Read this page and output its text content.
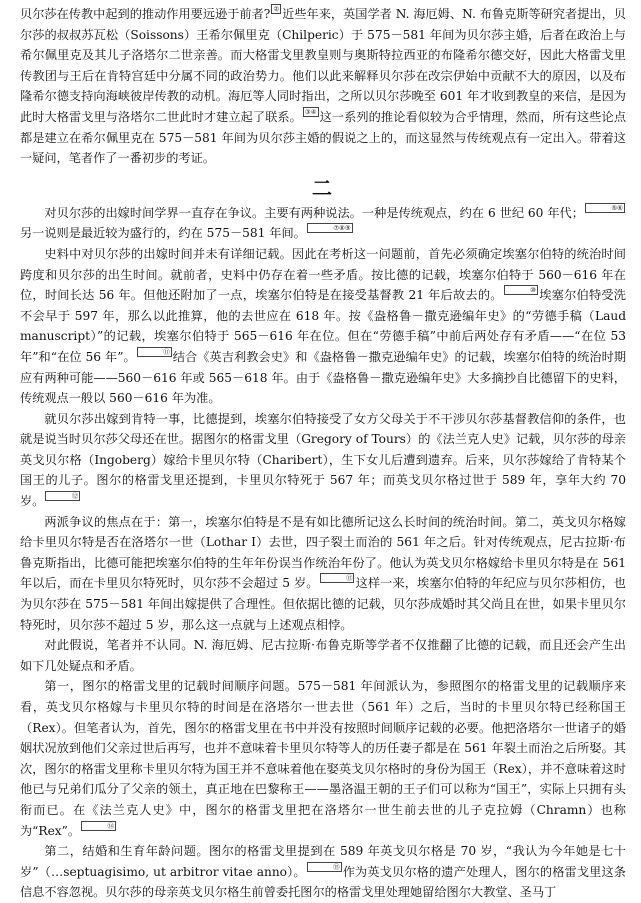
贝尔莎在传教中起到的推动作用要远逊于前者? ② 近些年来，英国学者 N. 海厄姆、N. 布鲁克斯等研究者提出，贝尔莎的叔叔苏瓦松（Soissons）王希尔佩里克（Chilperic）于 575－581 年间为贝尔莎主婚，后者在政治上与希尔佩里克及其儿子洛塔尔二世亲善。而大格雷戈里教皇则与奥斯特拉西亚的布隆希尔德交好，因此大格雷戈里传教团与王后在肯特宫廷中分属不同的政治势力。他们以此来解释贝尔莎在改宗伊始中贡献不大的原因，以及布隆希尔德支持向海峡彼岸传教的动机。海厄等人同时指出，之所以贝尔莎晚至 601 年才收到教皇的来信，是因为此时大格雷戈里与洛塔尔二世此时才建立起了联系。 ③④ 这一系列的推论看似较为合乎情理，然而，所有这些论点都是建立在希尔佩里克在 575－581 年间为贝尔莎主婚的假说之上的，而这显然与传统观点有一定出入。带着这一疑问，笔者作了一番初步的考证。

二

对贝尔莎的出嫁时间学界一直存在争议。主要有两种说法。一种是传统观点，约在 6 世纪 60 年代；	⑤⑥另一说则是最近较为盛行的，约在 575－581 年间。	⑦⑧⑨

史料中对贝尔莎的出嫁时间并未有详细记载。因此在考析这一问题前，首先必须确定埃塞尔伯特的统治时间跨度和贝尔莎的出生时间。就前者，史料中仍存在着一些矛盾。按比德的记载，埃塞尔伯特于 560－616 年在位，时间长达 56 年。但他还附加了一点，埃塞尔伯特是在接受基督教 21 年后故去的。	⑩ 埃塞尔伯特受洗不会早于 597 年，那么以此推算，他的去世应在 618 年。按《盎格鲁－撒克逊编年史》的“劳德手稿（Laud manuscript）”的记载，埃塞尔伯特于 565－616 年在位。但在“劳德手稿”中前后两处存有矛盾——“在位 53 年”和“在位 56 年”。	⑪ 结合《英吉利教会史》和《盎格鲁－撒克逊编年史》的记载，埃塞尔伯特的统治时期应有两种可能——560－616 年或 565－618 年。由于《盎格鲁－撒克逊编年史》大多摘抄自比德留下的史料，传统观点一般以 560－616 年为准。

就贝尔莎出嫁到肯特一事，比德提到，埃塞尔伯特接受了女方父母关于不干涉贝尔莎基督教信仰的条件，也就是说当时贝尔莎父母还在世。据图尔的格雷戈里（Gregory of Tours）的《法兰克人史》记载，贝尔莎的母亲英戈贝尔格（Ingoberg）嫁给卡里贝尔特（Charibert），生下女儿后遭到遗弃。后来，贝尔莎嫁给了肯特某个国王的儿子。图尔的格雷戈里还提到，卡里贝尔特死于 567 年；而英戈贝尔格过世于 589 年，享年大约 70 岁。	⑫

两派争议的焦点在于：第一，埃塞尔伯特是不是有如比德所记这么长时间的统治时间。第二，英戈贝尔格嫁给卡里贝尔特是否在洛塔尔一世（Lothar I）去世，四子裂土而治的 561 年之后。针对传统观点，尼古拉斯·布鲁克斯指出，比德可能把埃塞尔伯特的生年年份误当作统治年份了。他认为英戈贝尔格嫁给卡里贝尔特是在 561 年以后，而在卡里贝尔特死时，贝尔莎不会超过 5 岁。	⑬ 这样一来，埃塞尔伯特的年纪应与贝尔莎相仿，也为贝尔莎在 575－581 年间出嫁提供了合理性。但依据比德的记载，贝尔莎成婚时其父尚且在世，如果卡里贝尔特死时，贝尔莎不超过 5 岁，那么这一点就与上述观点相悖。

对此假说，笔者并不认同。N. 海厄姆、尼古拉斯·布鲁克斯等学者不仅推翻了比德的记载，而且还会产生出如下几处疑点和矛盾。

第一，图尔的格雷戈里的记载时间顺序问题。575－581 年间派认为，参照图尔的格雷戈里的记载顺序来看，英戈贝尔格嫁与卡里贝尔特的时间是在洛塔尔一世去世（561 年）之后，当时的卡里贝尔特已经称国王（Rex）。但笔者认为，首先，图尔的格雷戈里在书中并没有按照时间顺序记载的必要。他把洛塔尔一世诸子的婚姻状况放到他们父亲过世后再写，也并不意味着卡里贝尔特等人的历任妻子都是在 561 年裂土而治之后所娶。其次，图尔的格雷戈里称卡里贝尔特为国王并不意味着他在娶英戈贝尔格时的身份为国王（Rex），并不意味着这时他已与兄弟们瓜分了父亲的领土，真正地在巴黎称王——墨洛温王朝的王子们可以称为“国王”，实际上只拥有头衔而已。在《法兰克人史》中，图尔的格雷戈里把在洛塔尔一世生前去世的儿子克拉姆（Chramn）也称为“Rex”。	⑭

第二，结婚和生育年龄问题。图尔的格雷戈里提到在 589 年英戈贝尔格是 70 岁，“我认为今年她是七十岁”（…septuagisimo, ut arbitror vitae anno）。	⑮ 作为英戈贝尔格的遗产处理人，图尔的格雷戈里这条信息不容忽视。贝尔莎的母亲英戈贝尔格生前曾委托图尔的格雷戈里处理她留给图尔大教堂、圣马丁
